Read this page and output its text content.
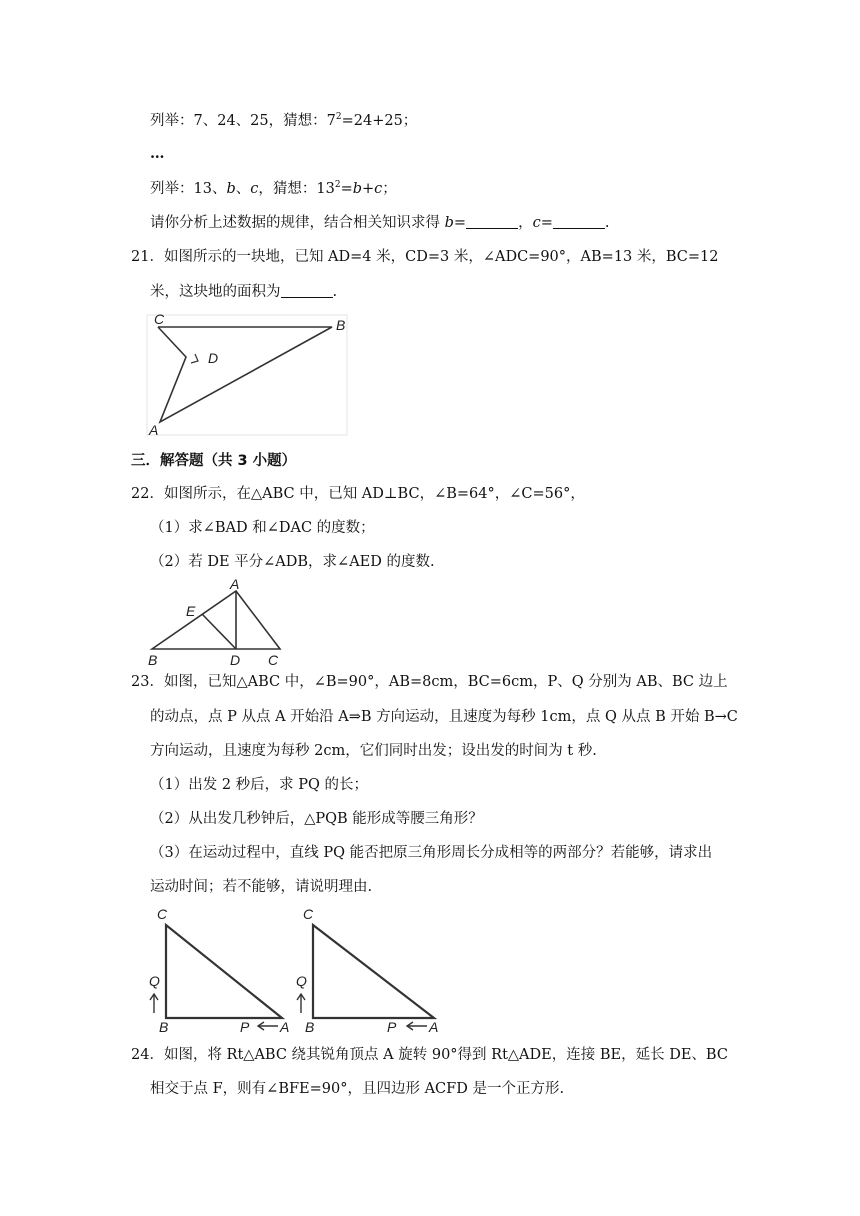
列举：7、24、25，猜想：$7^2=24+25$；
…
列举：13、b、c，猜想：$13^2=b+c$；
请你分析上述数据的规律，结合相关知识求得 b=	，c=	.
21．如图所示的一块地，已知 AD=4 米，CD=3 米，∠ADC=90°，AB=13 米，BC=12
米，这块地的面积为	.
C	B
D
A
三．解答题（共 3 小题）
22．如图所示，在△ABC 中，已知 AD⊥BC，∠B=64°，∠C=56°，
（1）求∠BAD 和∠DAC 的度数；
（2）若 DE 平分∠ADB，求∠AED 的度数.
A
E
B	D C
23．如图，已知△ABC 中，∠B=90°，AB=8cm，BC=6cm，P、Q 分别为 AB、BC 边上
的动点，点 P 从点 A 开始沿 A⇒B 方向运动，且速度为每秒 1cm，点 Q 从点 B 开始 B→C
方向运动，且速度为每秒 2cm，它们同时出发；设出发的时间为 t 秒.
（1）出发 2 秒后，求 PQ 的长；
（2）从出发几秒钟后，△PQB 能形成等腰三角形？
（3）在运动过程中，直线 PQ 能否把原三角形周长分成相等的两部分？若能够，请求出
运动时间；若不能够，请说明理由.
C
Q
B	P A
C
Q
B	P A
24．如图，将 Rt△ABC 绕其锐角顶点 A 旋转 90°得到 Rt△ADE，连接 BE，延长 DE、BC
相交于点 F，则有∠BFE=90°，且四边形 ACFD 是一个正方形.
